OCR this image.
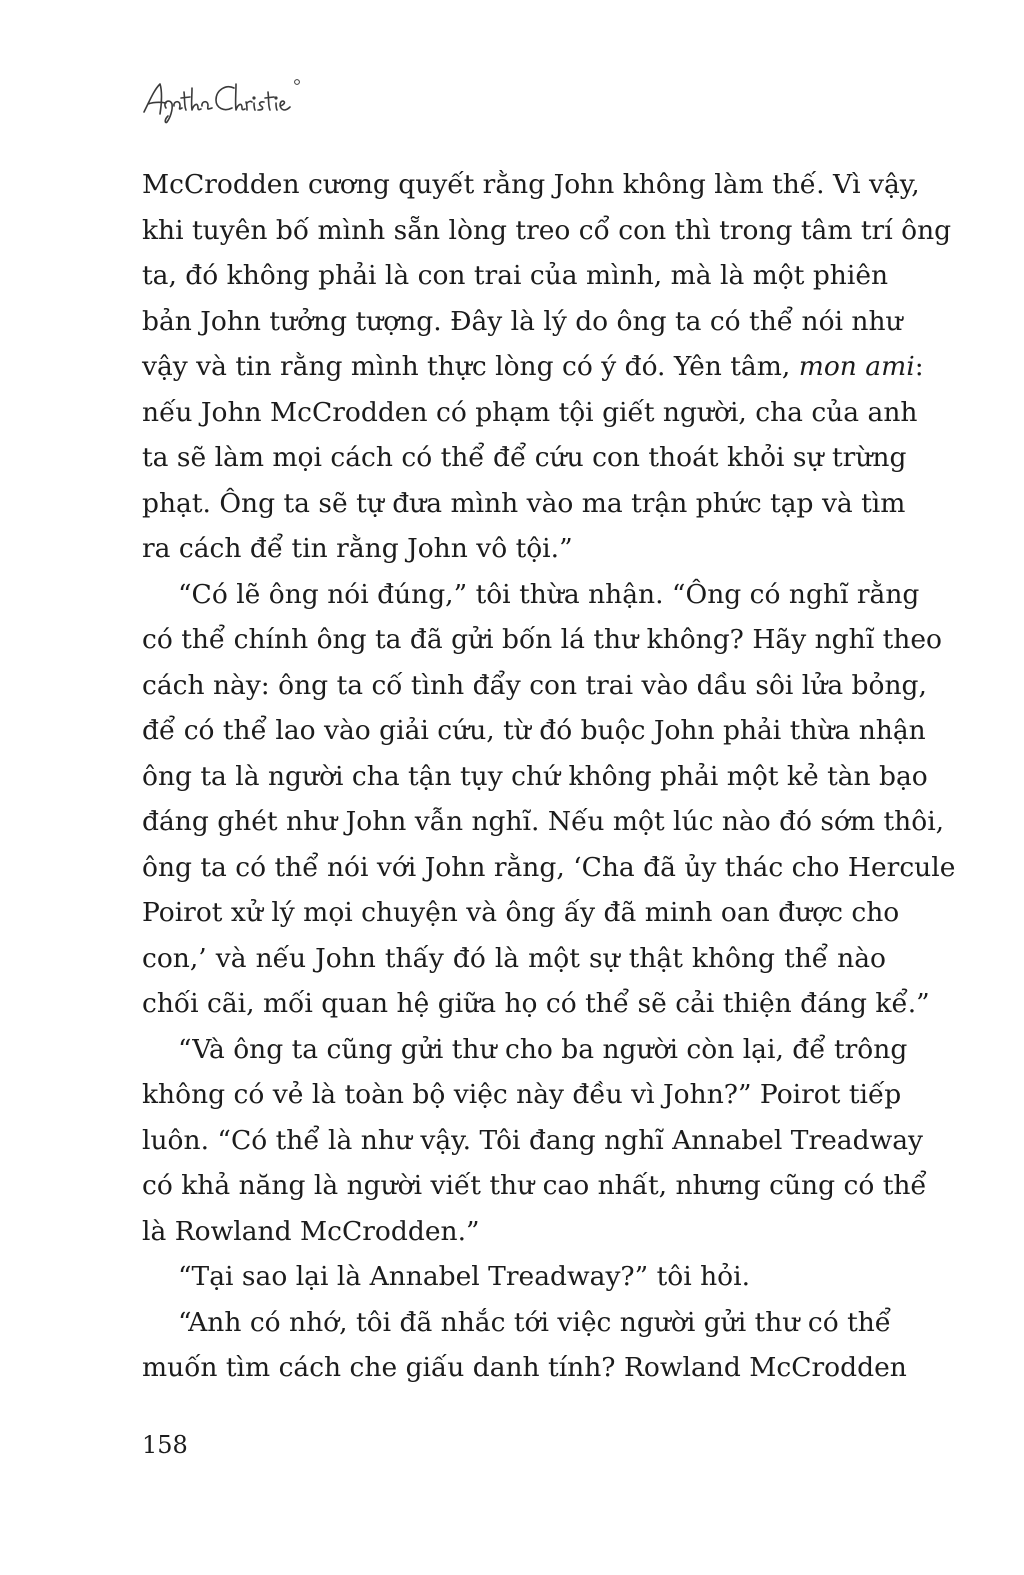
McCrodden cương quyết rằng John không làm thế. Vì vậy,
khi tuyên bố mình sẵn lòng treo cổ con thì trong tâm trí ông
ta, đó không phải là con trai của mình, mà là một phiên
bản John tưởng tượng. Đây là lý do ông ta có thể nói như
vậy và tin rằng mình thực lòng có ý đó. Yên tâm, mon ami:
nếu John McCrodden có phạm tội giết người, cha của anh
ta sẽ làm mọi cách có thể để cứu con thoát khỏi sự trừng
phạt. Ông ta sẽ tự đưa mình vào ma trận phức tạp và tìm
ra cách để tin rằng John vô tội.”
“Có lẽ ông nói đúng,” tôi thừa nhận. “Ông có nghĩ rằng
có thể chính ông ta đã gửi bốn lá thư không? Hãy nghĩ theo
cách này: ông ta cố tình đẩy con trai vào dầu sôi lửa bỏng,
để có thể lao vào giải cứu, từ đó buộc John phải thừa nhận
ông ta là người cha tận tụy chứ không phải một kẻ tàn bạo
đáng ghét như John vẫn nghĩ. Nếu một lúc nào đó sớm thôi,
ông ta có thể nói với John rằng, ‘Cha đã ủy thác cho Hercule
Poirot xử lý mọi chuyện và ông ấy đã minh oan được cho
con,’ và nếu John thấy đó là một sự thật không thể nào
chối cãi, mối quan hệ giữa họ có thể sẽ cải thiện đáng kể.”
“Và ông ta cũng gửi thư cho ba người còn lại, để trông
không có vẻ là toàn bộ việc này đều vì John?” Poirot tiếp
luôn. “Có thể là như vậy. Tôi đang nghĩ Annabel Treadway
có khả năng là người viết thư cao nhất, nhưng cũng có thể
là Rowland McCrodden.”
“Tại sao lại là Annabel Treadway?” tôi hỏi.
“Anh có nhớ, tôi đã nhắc tới việc người gửi thư có thể
muốn tìm cách che giấu danh tính? Rowland McCrodden
158
